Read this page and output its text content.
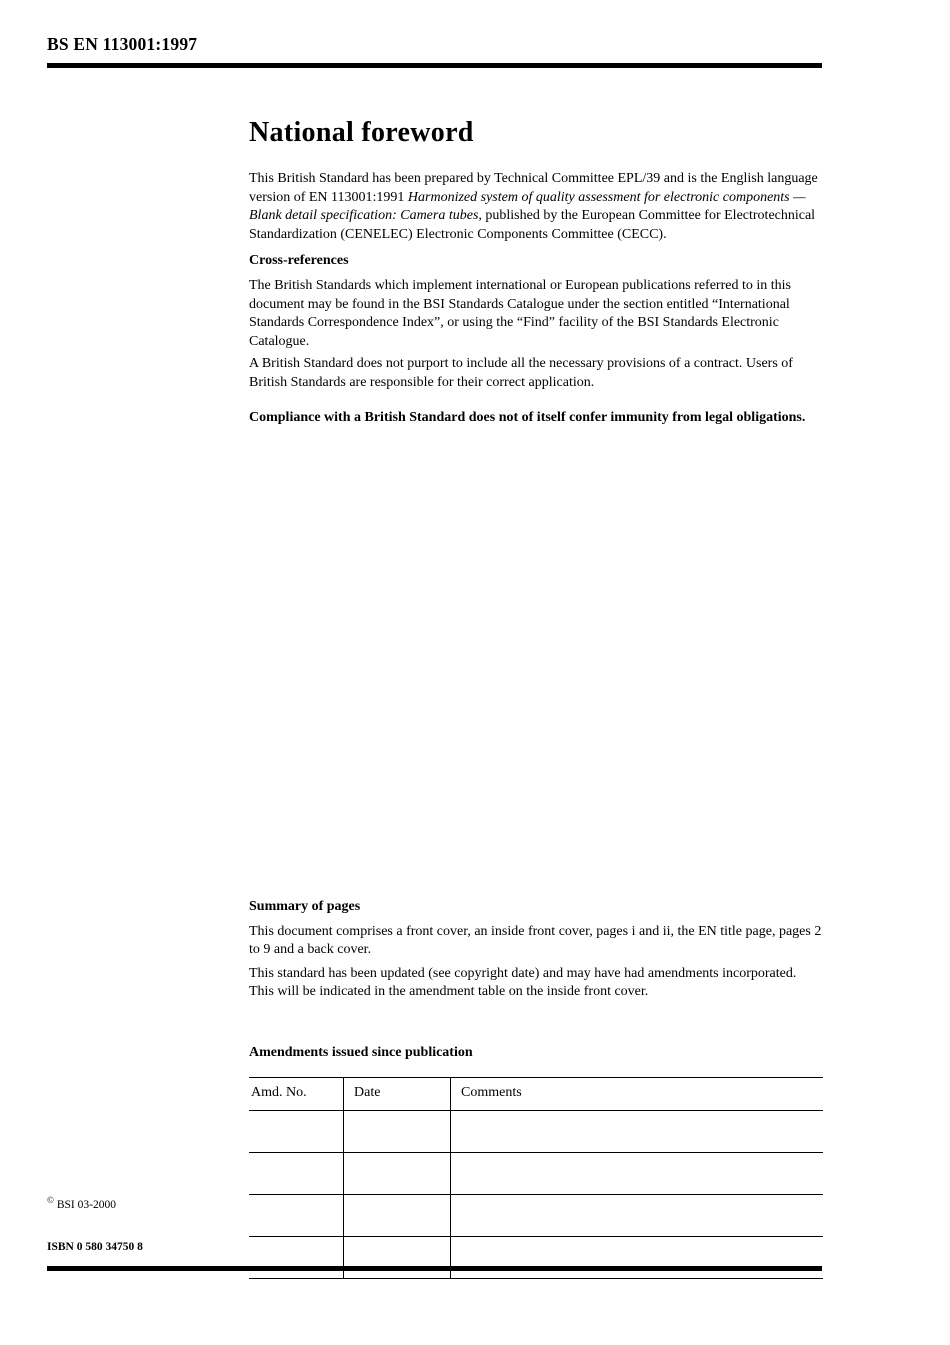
BS EN 113001:1997
National foreword

This British Standard has been prepared by Technical Committee EPL/39 and is the English language version of EN 113001:1991 Harmonized system of quality assessment for electronic components — Blank detail specification: Camera tubes, published by the European Committee for Electrotechnical Standardization (CENELEC) Electronic Components Committee (CECC).

Cross-references

The British Standards which implement international or European publications referred to in this document may be found in the BSI Standards Catalogue under the section entitled “International Standards Correspondence Index”, or using the “Find” facility of the BSI Standards Electronic Catalogue.

A British Standard does not purport to include all the necessary provisions of a contract. Users of British Standards are responsible for their correct application.

Compliance with a British Standard does not of itself confer immunity from legal obligations.

Summary of pages

This document comprises a front cover, an inside front cover, pages i and ii, the EN title page, pages 2 to 9 and a back cover.

This standard has been updated (see copyright date) and may have had amendments incorporated. This will be indicated in the amendment table on the inside front cover.

Amendments issued since publication
Amd. No.	Date	Comments

© BSI 03-2000
ISBN 0 580 34750 8
